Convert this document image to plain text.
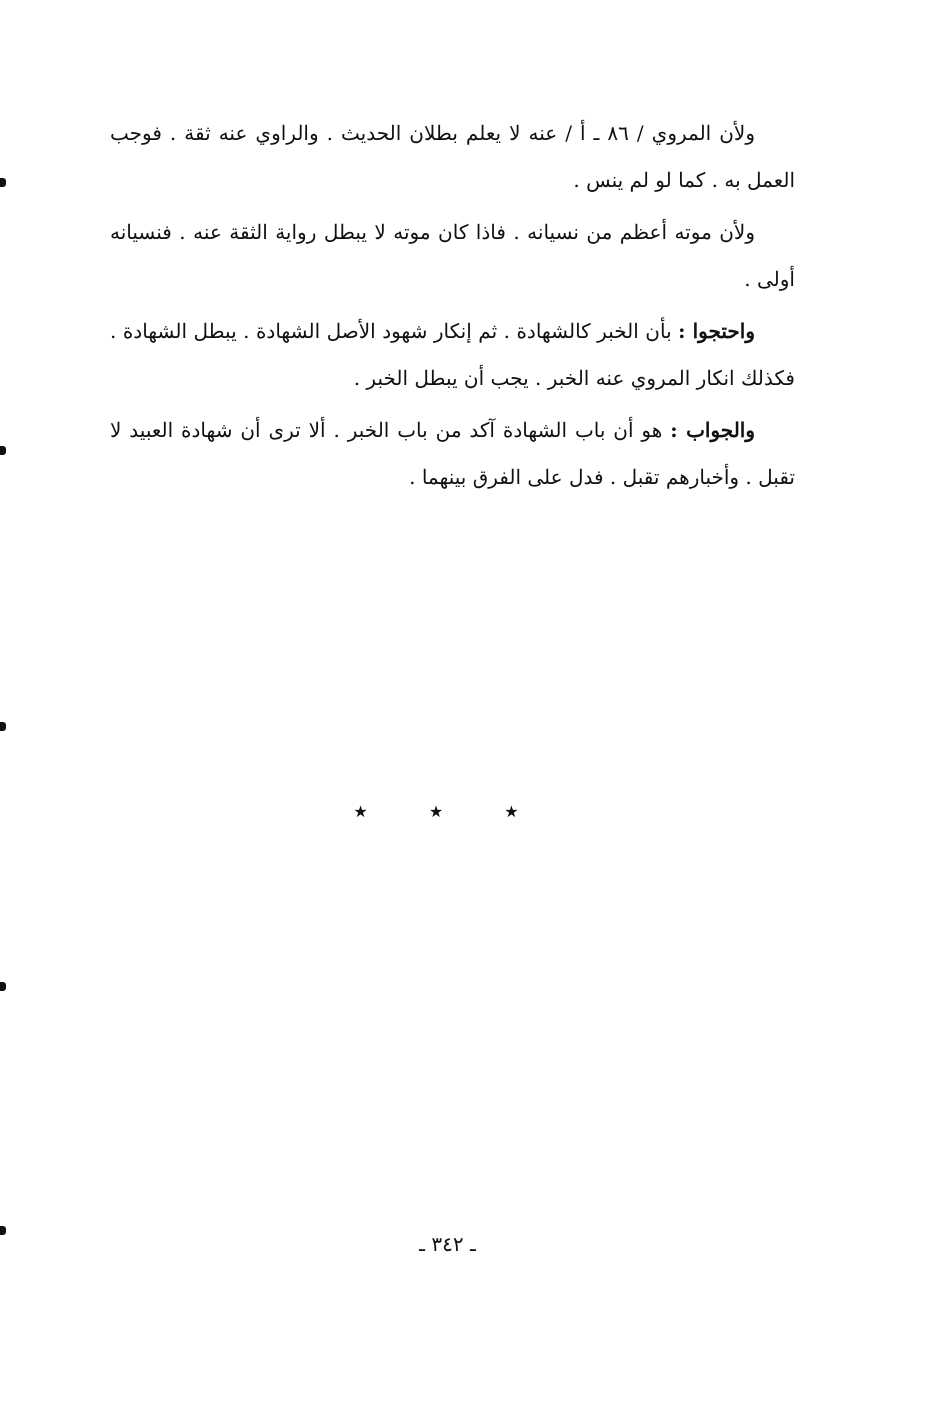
ولأن المروي / ٨٦ ـ أ / عنه لا يعلم بطلان الحديث . والراوي عنه ثقة . فوجب العمل به . كما لو لم ينس .

ولأن موته أعظم من نسيانه . فاذا كان موته لا يبطل رواية الثقة عنه . فنسيانه أولى .

واحتجوا : بأن الخبر كالشهادة . ثم إنكار شهود الأصل الشهادة . يبطل الشهادة . فكذلك انكار المروي عنه الخبر . يجب أن يبطل الخبر .

والجواب : هو أن باب الشهادة آكد من باب الخبر . ألا ترى أن شهادة العبيد لا تقبل . وأخبارهم تقبل . فدل على الفرق بينهما .

★ ★ ★
ـ ٣٤٢ ـ
